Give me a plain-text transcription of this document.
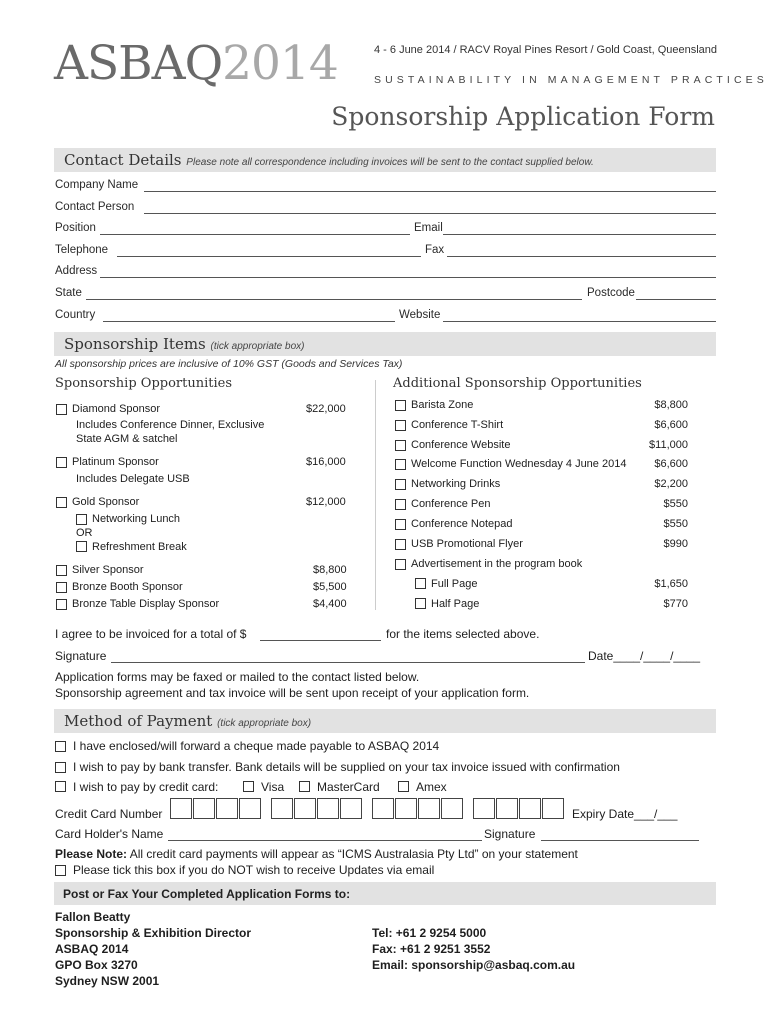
ASBAQ2014	4 - 6 June 2014 / RACV Royal Pines Resort / Gold Coast, Queensland
SUSTAINABILITY IN MANAGEMENT PRACTICES
Sponsorship Application Form
Contact Details Please note all correspondence including invoices will be sent to the contact supplied below.
Company Name
Contact Person
Position	Email
Telephone	Fax
Address
State	Postcode
Country	Website
Sponsorship Items (tick appropriate box)
All sponsorship prices are inclusive of 10% GST (Goods and Services Tax)
Sponsorship Opportunities	Additional Sponsorship Opportunities
Diamond Sponsor	$22,000
Includes Conference Dinner, Exclusive
State AGM & satchel
Platinum Sponsor	$16,000
Includes Delegate USB
Gold Sponsor	$12,000
Networking Lunch
OR
Refreshment Break
Silver Sponsor	$8,800
Bronze Booth Sponsor	$5,500
Bronze Table Display Sponsor	$4,400
Barista Zone	$8,800
Conference T-Shirt	$6,600
Conference Website	$11,000
Welcome Function Wednesday 4 June 2014	$6,600
Networking Drinks	$2,200
Conference Pen	$550
Conference Notepad	$550
USB Promotional Flyer	$990
Advertisement in the program book
Full Page	$1,650
Half Page	$770
I agree to be invoiced for a total of $	for the items selected above.
Signature	Date____/____/____
Application forms may be faxed or mailed to the contact listed below.
Sponsorship agreement and tax invoice will be sent upon receipt of your application form.
Method of Payment (tick appropriate box)
I have enclosed/will forward a cheque made payable to ASBAQ 2014
I wish to pay by bank transfer. Bank details will be supplied on your tax invoice issued with confirmation
I wish to pay by credit card:	Visa	MasterCard	Amex
Credit Card Number	Expiry Date___/___
Card Holder's Name	Signature
Please Note: All credit card payments will appear as “ICMS Australasia Pty Ltd” on your statement
Please tick this box if you do NOT wish to receive Updates via email
Post or Fax Your Completed Application Forms to:
Fallon Beatty
Sponsorship & Exhibition Director
ASBAQ 2014
GPO Box 3270
Sydney NSW 2001
Tel: +61 2 9254 5000
Fax: +61 2 9251 3552
Email: sponsorship@asbaq.com.au
